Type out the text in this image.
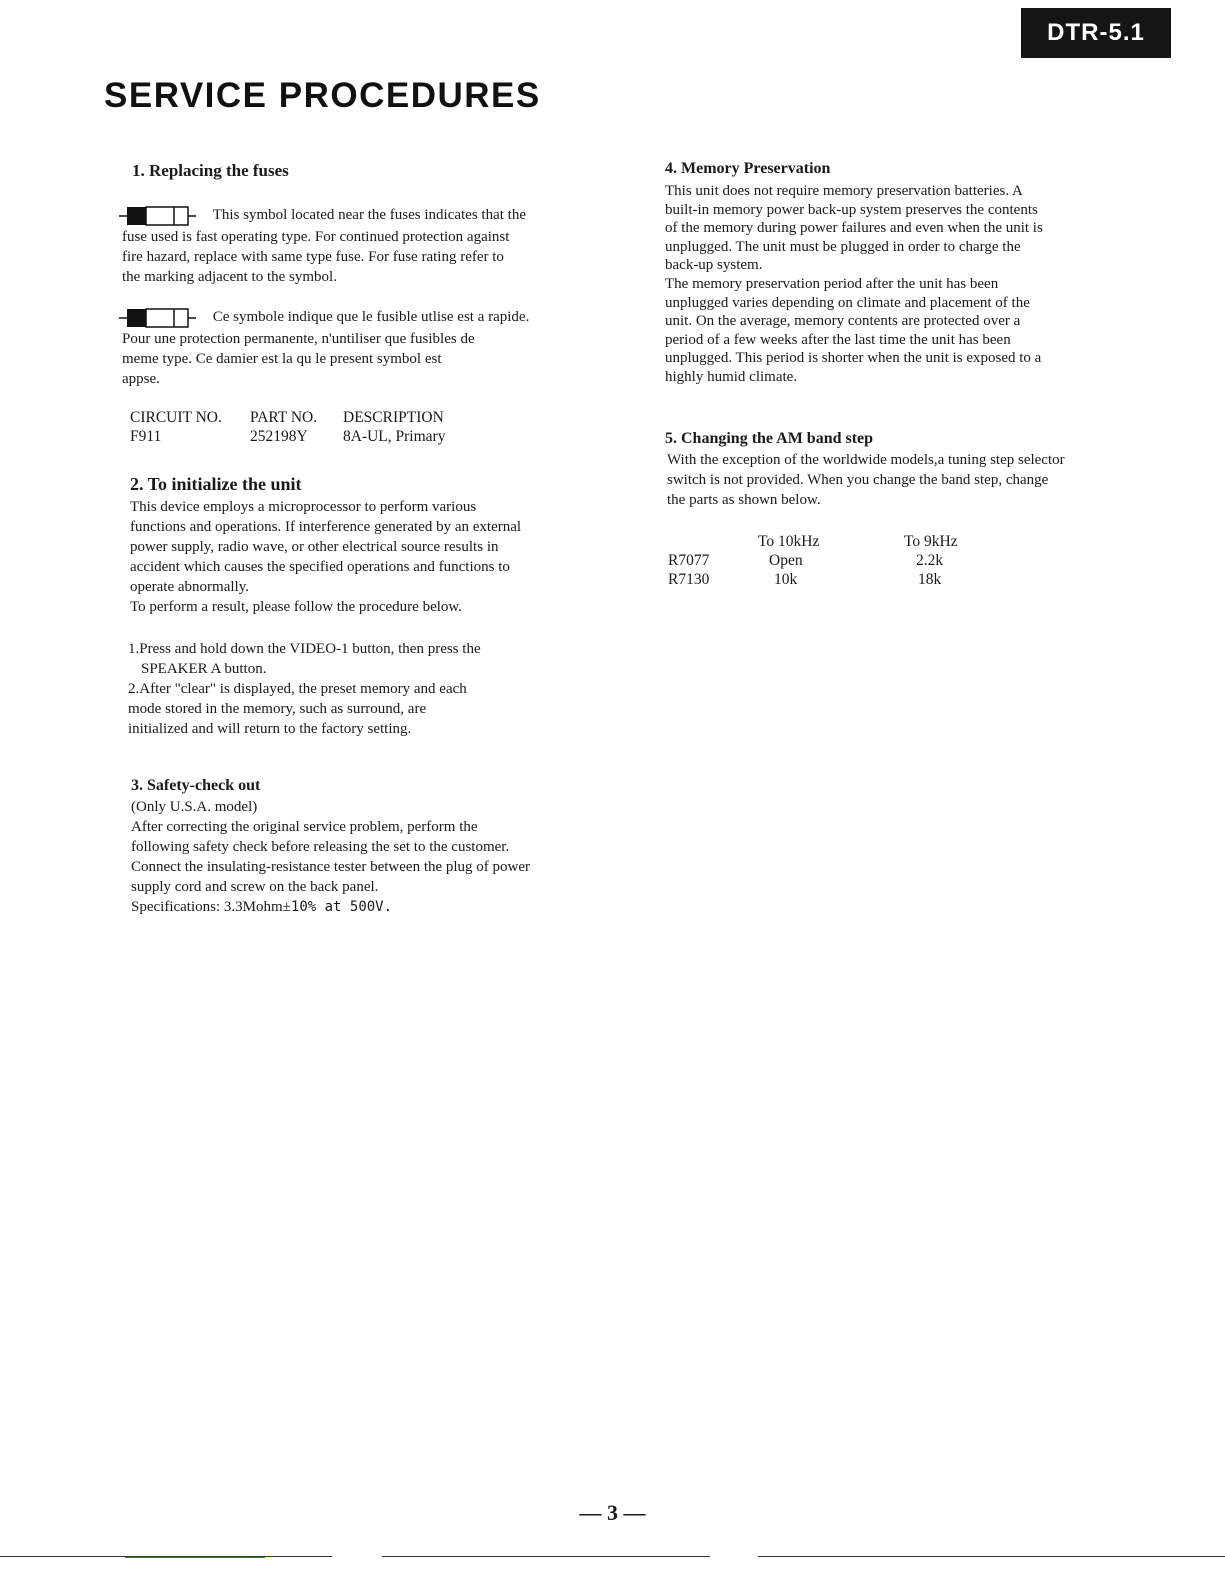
DTR-5.1
SERVICE PROCEDURES
1. Replacing the fuses
This symbol located near the fuses indicates that the
fuse used is fast operating type. For continued protection against
fire hazard, replace with same type fuse. For fuse rating refer to
the marking adjacent to the symbol.
Ce symbole indique que le fusible utlise est a rapide.
Pour une protection permanente, n'untiliser que fusibles de
meme type. Ce damier est la qu le present symbol est
appse.
CIRCUIT NO.	PART NO.	DESCRIPTION
F911	252198Y	8A-UL, Primary
2. To initialize the unit
This device employs a microprocessor to perform various
functions and operations. If interference generated by an external
power supply, radio wave, or other electrical source results in
accident which causes the specified operations and functions to
operate abnormally.
To perform a result, please follow the procedure below.
1.Press and hold down the VIDEO-1 button, then press the
SPEAKER A button.
2.After "clear" is displayed, the preset memory and each
mode stored in the memory, such as surround, are
initialized and will return to the factory setting.
3. Safety-check out
(Only U.S.A. model)
After correcting the original service problem, perform the
following safety check before releasing the set to the customer.
Connect the insulating-resistance tester between the plug of power
supply cord and screw on the back panel.
Specifications: 3.3Mohm±10% at 500V.
4. Memory Preservation
This unit does not require memory preservation batteries. A
built-in memory power back-up system preserves the contents
of the memory during power failures and even when the unit is
unplugged. The unit must be plugged in order to charge the
back-up system.
The memory preservation period after the unit has been
unplugged varies depending on climate and placement of the
unit. On the average, memory contents are protected over a
period of a few weeks after the last time the unit has been
unplugged. This period is shorter when the unit is exposed to a
highly humid climate.
5. Changing the AM band step
With the exception of the worldwide models,a tuning step selector
switch is not provided. When you change the band step, change
the parts as shown below.
	To 10kHz	To 9kHz
R7077	Open	2.2k
R7130	10k	18k
— 3 —
